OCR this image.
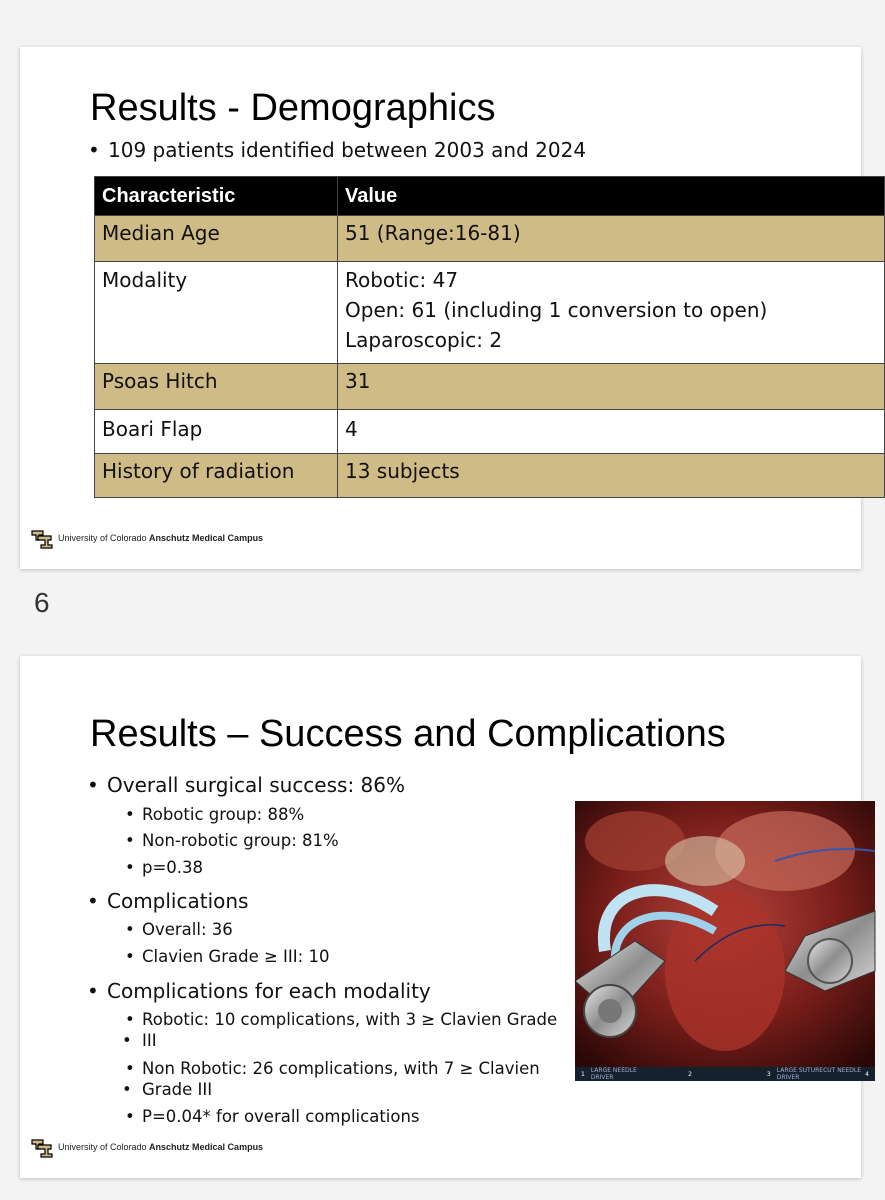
Results - Demographics

• 109 patients identified between 2003 and 2024

Characteristic	Value
Median Age	51 (Range:16-81)

Modality	Robotic: 47
Open: 61 (including 1 conversion to open)
Laparoscopic: 2

Psoas Hitch	31

Boari Flap	4

History of radiation	13 subjects
University of Colorado Anschutz Medical Campus
6
Results – Success and Complications

• Overall surgical success: 86%

• Robotic group: 88%

• Non-robotic group: 81%

• p=0.38

• Complications

• Overall: 36

• Clavien Grade ≥ III: 10

• Complications for each modality

• Robotic: 10 complications, with 3 ≥ Clavien Grade

• III

• Non Robotic: 26 complications, with 7 ≥ Clavien

• Grade III

• P=0.04* for overall complications

1 LARGE NEEDLE DRIVER	2	3 LARGE SUTURECUT NEEDLE DRIVER	4
University of Colorado Anschutz Medical Campus
